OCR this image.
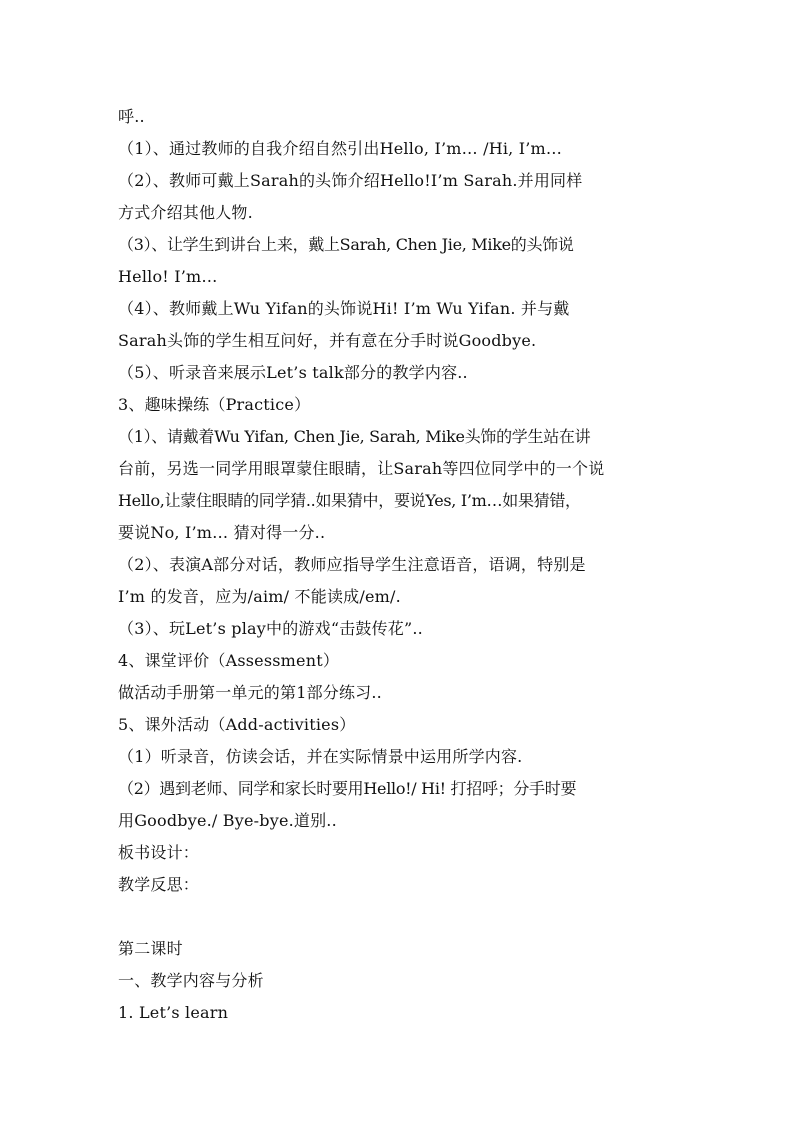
呼..
（1）、通过教师的自我介绍自然引出Hello, I’m… /Hi, I’m…
（2）、教师可戴上Sarah的头饰介绍Hello!I’m Sarah.并用同样
方式介绍其他人物.
（3）、让学生到讲台上来，戴上Sarah, Chen Jie, Mike的头饰说
Hello! I’m…
（4）、教师戴上Wu Yifan的头饰说Hi! I’m Wu Yifan. 并与戴
Sarah头饰的学生相互问好，并有意在分手时说Goodbye.
（5）、听录音来展示Let’s talk部分的教学内容..
3、趣味操练（Practice）
（1）、请戴着Wu Yifan, Chen Jie, Sarah, Mike头饰的学生站在讲
台前，另选一同学用眼罩蒙住眼睛，让Sarah等四位同学中的一个说
Hello,让蒙住眼睛的同学猜..如果猜中，要说Yes, I’m…如果猜错，
要说No, I’m… 猜对得一分..
（2）、表演A部分对话，教师应指导学生注意语音，语调，特别是
I’m 的发音，应为/aim/ 不能读成/em/.
（3）、玩Let’s play中的游戏“击鼓传花”..
4、课堂评价（Assessment）
做活动手册第一单元的第1部分练习..
5、课外活动（Add-activities）
（1）听录音，仿读会话，并在实际情景中运用所学内容.
（2）遇到老师、同学和家长时要用Hello!/ Hi! 打招呼；分手时要
用Goodbye./ Bye-bye.道别..
板书设计：
教学反思：
第二课时
一、教学内容与分析
1. Let’s learn
